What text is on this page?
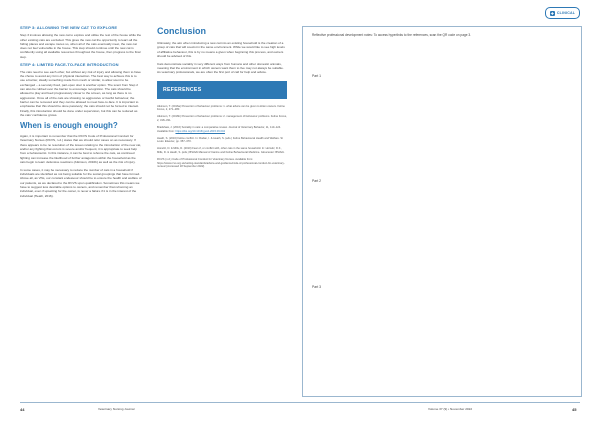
✚ CLINICAL
STEP 3: ALLOWING THE NEW CAT TO EXPLORE

Step 3 involves allowing the new cat to explore and utilise the rest of the house while the other existing cats are excluded. This gives the new cat the opportunity to learn all the hiding places and escape routes so, when all of the cats eventually meet, the new cat does not feel vulnerable in the house. This step should continue until the new cat is confidently using all available resources throughout the house, then progress to the final step.

STEP 4: LIMITED FACE-TO-FACE INTRODUCTION

The cats need to see each other, but without any risk of injury and allowing them to have the choice to avoid any form of physical interaction. The best way to achieve this is to use a barrier, ideally something made from mesh or similar, to allow scent to be exchanged – a securely fixed, part-open door is another option. The scent from Step 2 can also be rubbed over the barrier to encourage recognition. The cats should be allowed to play and feed progressively closer to the screen, as long as there is no aggression. Once all of the cats are showing no aggressive or fearful behaviour, the barrier can be removed and they can be allowed to meet face-to-face. It is important to emphasise that this should be done passively; the cats should not be forced to interact. Finally, this introduction should be done under supervision, but this can be reduced as the cats' confidence grows.

When is enough enough?

Again, it is important to remember that the RCVS Code of Professional Conduct for Veterinary Nurses (RCVS, n.d.) states that we should refer cases on as necessary. If there appears to be no resolution of the issues relating to the introduction of the new cat, and/or any fighting that occurs is severe and/or frequent, it is appropriate to seek help from a behaviourist. In this instance, it can be best to rehome the cats, as continued fighting can increase the likelihood of further antagonism within the household as the cats begin to learn defensive reactions (Atkinson, 2016b) as well as the risk of injury.

In some cases, it may be necessary to reduce the number of cats in a household if individuals are identified as not being suitable for the social groupings that have formed. Above all, as VNs, our constant endeavour should be to ensure the health and welfare of our patients, as we declared to the RCVS upon qualification. Sometimes this means we have to suggest less desirable options to owners, and remember that rehoming an individual, even if upsetting for the owner, is never a failure if it is in the interest of the individual (Heath, 2016).

Conclusion

Ultimately, the aim when introducing a new cat into an existing household is the creation of a group of cats that will coexist in the same environment. While we would like to see high levels of affiliative behaviour, this is by no means a given when beginning this process, and owners should be advised of this.

Cats demonstrate sociality in very different ways from humans and other domestic animals, meaning that the environment in which owners want them to live may not always be suitable. As veterinary professionals, we are often the first port of call for help and advice.

REFERENCES

Atkinson, T. (2016a) Prevention of behaviour problems: 1. what advice can be given to kitten owners. Feline Focus, 2, 271–280.

Atkinson, T. (2016b) Prevention of behaviour problems: 2. management of behaviour problems. Feline Focus, 2, 318–331.

Bradshaw, J. (2016) Sociality in cats: a comparative review. Journal of Veterinary Behavior, 11, 113–124. Available from: https://doi.org/10.1016/j.jveb.2015.09.004

Heath, S. (2016) Feline conflict. In: Rodan, I. & Heath, S. (eds.) Feline Behavioural Health and Welfare. St Louis: Elsevier, pp. 357–370.

Horwitz, D. & Mills, D. (2010) Fear of, or conflict with, other cats in the same household. In: Horwitz, D.F., Mills, D. & Heath, S. (eds.) BSAVA Manual of Canine and Feline Behavioural Medicine. Gloucester: BSAVA.

RCVS (n.d.) Code of Professional Conduct for Veterinary Nurses. Available from: https://www.rcvs.org.uk/setting-standards/advice-and-guidance/code-of-professional-conduct-for-veterinary-nurses/ [Accessed 18 September 2022].

Reflective professional development notes: To access hyperlinks to the references, scan the QR code on page 3.
Part 1
Part 2
Part 3
44	Veterinary Nursing Journal	Volume 37 (9) • November 2022	45
